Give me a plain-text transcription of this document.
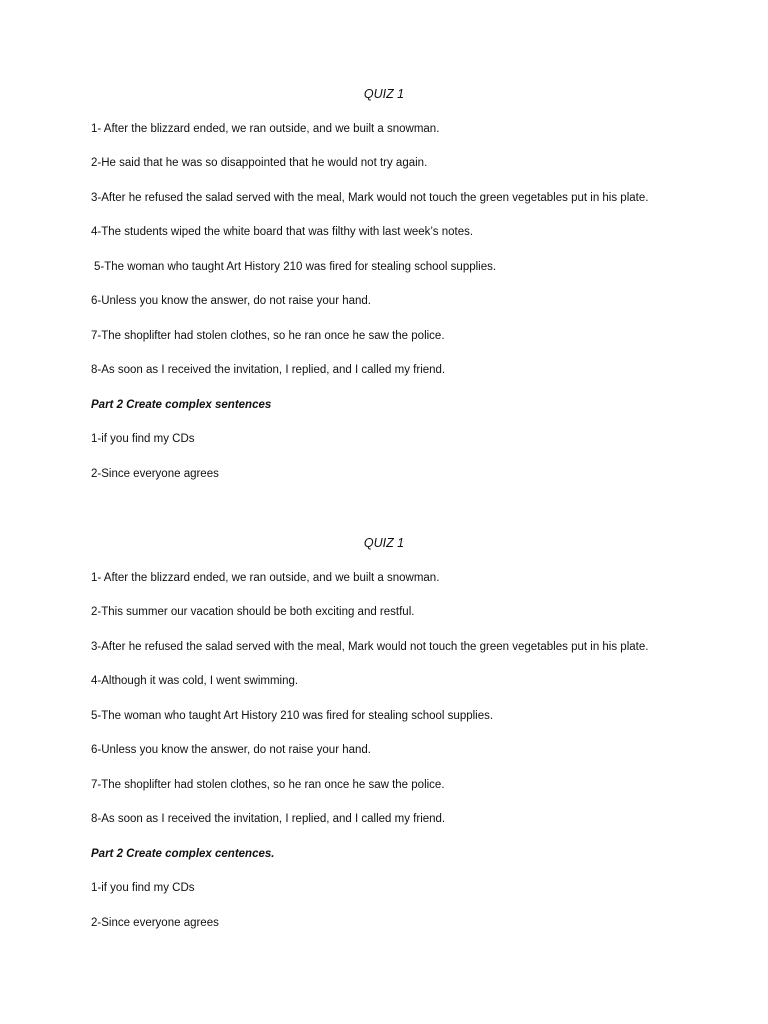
QUIZ 1
1- After the blizzard ended, we ran outside, and we built a snowman.
2-He said that he was so disappointed that he would not try again.
3-After he refused the salad served with the meal, Mark would not touch the green vegetables put in his plate.
4-The students wiped the white board that was filthy with last week’s notes.
5-The woman who taught Art History 210 was fired for stealing school supplies.
6-Unless you know the answer, do not raise your hand.
7-The shoplifter had stolen clothes, so he ran once he saw the police.
8-As soon as I received the invitation, I replied, and I called my friend.
Part 2 Create complex sentences
1-if you find my CDs
2-Since everyone agrees
QUIZ 1
1- After the blizzard ended, we ran outside, and we built a snowman.
2-This summer our vacation should be both exciting and restful.
3-After he refused the salad served with the meal, Mark would not touch the green vegetables put in his plate.
4-Although it was cold, I went swimming.
5-The woman who taught Art History 210 was fired for stealing school supplies.
6-Unless you know the answer, do not raise your hand.
7-The shoplifter had stolen clothes, so he ran once he saw the police.
8-As soon as I received the invitation, I replied, and I called my friend.
Part 2 Create complex centences.
1-if you find my CDs
2-Since everyone agrees
